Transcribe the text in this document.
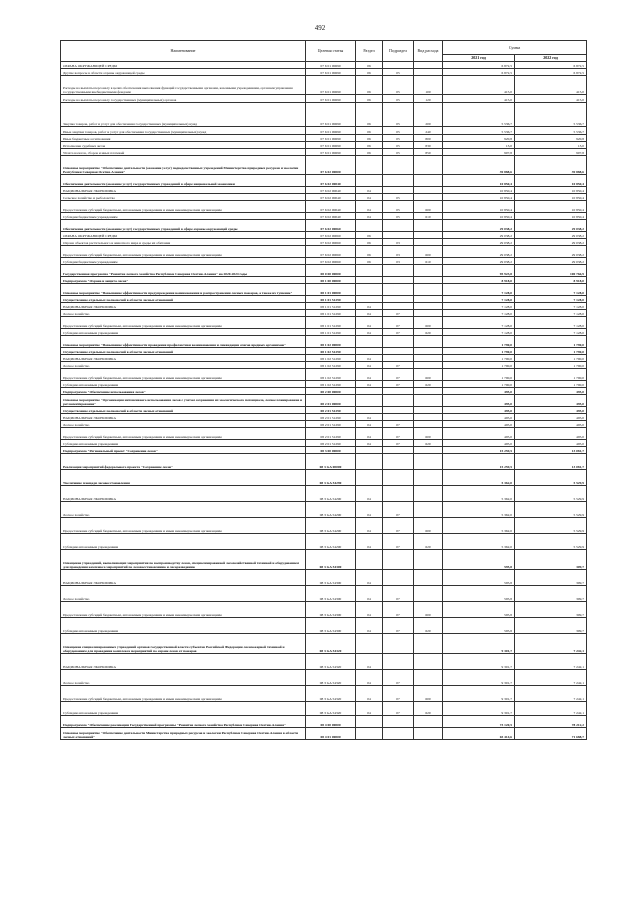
492
Наименование	Целевая статья	Раздел	Подраздел	Вид расхода	Сумма	
					2021 год	2022 год
ОХРАНА ОКРУЖАЮЩЕЙ СРЕДЫ	07 6 01 00690	06			6 872,5	6 872,5
Другие вопросы в области охраны окружающей среды	07 6 01 00690	06	05		6 872,5	6 872,5
Расходы на выплаты персоналу в целях обеспечения выполнения функций государственными органами, казенными учреждениями, органами управления государственными внебюджетными фондами	07 6 01 00690	06	05	100	415,0	415,0
Расходы на выплаты персоналу государственных (муниципальных) органов	07 6 01 00690	06	05	120	415,0	415,0
Закупка товаров, работ и услуг для обеспечения государственных (муниципальных) нужд	07 6 01 00690	06	05	200	5 536,7	5 536,7
Иные закупки товаров, работ и услуг для обеспечения государственных (муниципальных) нужд	07 6 01 00690	06	05	240	5 536,7	5 536,7
Иные бюджетные ассигнования	07 6 01 00690	06	05	800	920,8	920,8
Исполнение судебных актов	07 6 01 00690	06	05	830	13,0	13,0
Уплата налогов, сборов и иных платежей	07 6 01 00690	06	05	850	907,8	907,8
Основное мероприятие "Обеспечение деятельности (оказание услуг) подведомственных учреждений Министерства природных ресурсов и экологии Республики Северная Осетия-Алания"	07 6 02 00000				39 888,6	39 888,6
Обеспечение деятельности (оказание услуг) государственных учреждений в сфере национальной экономики	07 6 02 00040				10 850,4	10 850,4
НАЦИОНАЛЬНАЯ ЭКОНОМИКА	07 6 02 00040	04			10 850,4	10 850,4
Сельское хозяйство и рыболовство	07 6 02 00040	04	05		10 850,4	10 850,4
Предоставление субсидий бюджетным, автономным учреждениям и иным некоммерческим организациям	07 6 02 00040	04	05	600	10 850,4	10 850,4
Субсидии бюджетным учреждениям	07 6 02 00040	04	05	610	10 850,4	10 850,4
Обеспечение деятельности (оказание услуг) государственных учреждений в сфере охраны окружающей среды	07 6 02 00060				29 038,2	29 038,2
ОХРАНА ОКРУЖАЮЩЕЙ СРЕДЫ	07 6 02 00060	06			29 038,2	29 038,2
Охрана объектов растительного и животного мира и среды их обитания	07 6 02 00060	06	03		29 038,2	29 038,2
Предоставление субсидий бюджетным, автономным учреждениям и иным некоммерческим организациям	07 6 02 00060	06	03	600	29 038,2	29 038,2
Субсидии бюджетным учреждениям	07 6 02 00060	06	03	610	29 038,2	29 038,2
Государственная программа "Развитие лесного хозяйства Республики Северная Осетия-Алания" на 2020-2024 годы	08 0 00 00000				95 923,8	100 766,9
Подпрограмма "Охрана и защита лесов"	08 1 00 00000				8 918,0	8 918,0
Основное мероприятие "Повышение эффективности предупреждения возникновения и распространения лесных пожаров, а также их тушение"	08 1 01 00000				7 128,0	7 128,0
Осуществление отдельных полномочий в области лесных отношений	08 1 01 51290				7 128,0	7 128,0
НАЦИОНАЛЬНАЯ ЭКОНОМИКА	08 1 01 51290	04			7 128,0	7 128,0
Лесное хозяйство	08 1 01 51290	04	07		7 128,0	7 128,0
Предоставление субсидий бюджетным, автономным учреждениям и иным некоммерческим организациям	08 1 01 51290	04	07	600	7 128,0	7 128,0
Субсидии автономным учреждениям	08 1 01 51290	04	07	620	7 128,0	7 128,0
Основное мероприятие "Повышение эффективности проведения профилактики возникновения и ликвидации очагов вредных организмов"	08 1 02 00000				1 790,0	1 790,0
Осуществление отдельных полномочий в области лесных отношений	08 1 02 51290				1 790,0	1 790,0
НАЦИОНАЛЬНАЯ ЭКОНОМИКА	08 1 02 51290	04			1 790,0	1 790,0
Лесное хозяйство	08 1 02 51290	04	07		1 790,0	1 790,0
Предоставление субсидий бюджетным, автономным учреждениям и иным некоммерческим организациям	08 1 02 51290	04	07	600	1 790,0	1 790,0
Субсидии автономным учреждениям	08 1 02 51290	04	07	620	1 790,0	1 790,0
Подпрограмма "Обеспечение использования лесов"	08 2 00 00000				495,0	495,0
Основное мероприятие "Организация интенсивного использования лесов с учетом сохранения их экологического потенциала, лесное планирование и регламентирование"	08 2 01 00000				495,0	495,0
Осуществление отдельных полномочий в области лесных отношений	08 2 01 51290				495,0	495,0
НАЦИОНАЛЬНАЯ ЭКОНОМИКА	08 2 01 51290	04			495,0	495,0
Лесное хозяйство	08 2 01 51290	04	07		495,0	495,0
Предоставление субсидий бюджетным, автономным учреждениям и иным некоммерческим организациям	08 2 01 51290	04	07	600	495,0	495,0
Субсидии автономным учреждениям	08 2 01 51290	04	07	620	495,0	495,0
Подпрограмма "Региональный проект "Сохранение лесов"	08 3 00 00000				15 259,5	13 081,7
Реализация мероприятий федерального проекта "Сохранение лесов"	08 3 GA 00000				15 259,5	13 081,7
Увеличение площади лесовосстановления	08 3 GA 54290				5 362,0	5 529,9
НАЦИОНАЛЬНАЯ ЭКОНОМИКА	08 3 GA 54290	04			5 362,0	5 529,9
Лесное хозяйство	08 3 GA 54290	04	07		5 362,0	5 529,9
Предоставление субсидий бюджетным, автономным учреждениям и иным некоммерческим организациям	08 3 GA 54290	04	07	600	5 362,0	5 529,9
Субсидии автономным учреждениям	08 3 GA 54290	04	07	620	5 362,0	5 529,9
Оснащение учреждений, выполняющих мероприятия по воспроизводству лесов, специализированной лесохозяйственной техникой и оборудованием для проведения комплекса мероприятий по лесовосстановлению и лесоразведению	08 3 GA 54300				595,8	309,7
НАЦИОНАЛЬНАЯ ЭКОНОМИКА	08 3 GA 54300	04			595,8	309,7
Лесное хозяйство	08 3 GA 54300	04	07		595,8	309,7
Предоставление субсидий бюджетным, автономным учреждениям и иным некоммерческим организациям	08 3 GA 54300	04	07	600	595,8	309,7
Субсидии автономным учреждениям	08 3 GA 54300	04	07	620	595,8	309,7
Оснащение специализированных учреждений органов государственной власти субъектов Российской Федерации лесопожарной техникой и оборудованием для проведения комплекса мероприятий по охране лесов от пожаров	08 3 GA 54320				9 301,7	7 242,1
НАЦИОНАЛЬНАЯ ЭКОНОМИКА	08 3 GA 54320	04			9 301,7	7 242,1
Лесное хозяйство	08 3 GA 54320	04	07		9 301,7	7 242,1
Предоставление субсидий бюджетным, автономным учреждениям и иным некоммерческим организациям	08 3 GA 54320	04	07	600	9 301,7	7 242,1
Субсидии автономным учреждениям	08 3 GA 54320	04	07	620	9 301,7	7 242,1
Подпрограмма "Обеспечение реализации Государственной программы "Развитие лесного хозяйства Республики Северная Осетия-Алания"	08 4 00 00000				73 120,5	78 212,2
Основное мероприятие "Обеспечение деятельности Министерства природных ресурсов и экологии Республики Северная Осетия-Алания в области лесных отношений"	08 4 01 00000				65 414,6	71 688,7
